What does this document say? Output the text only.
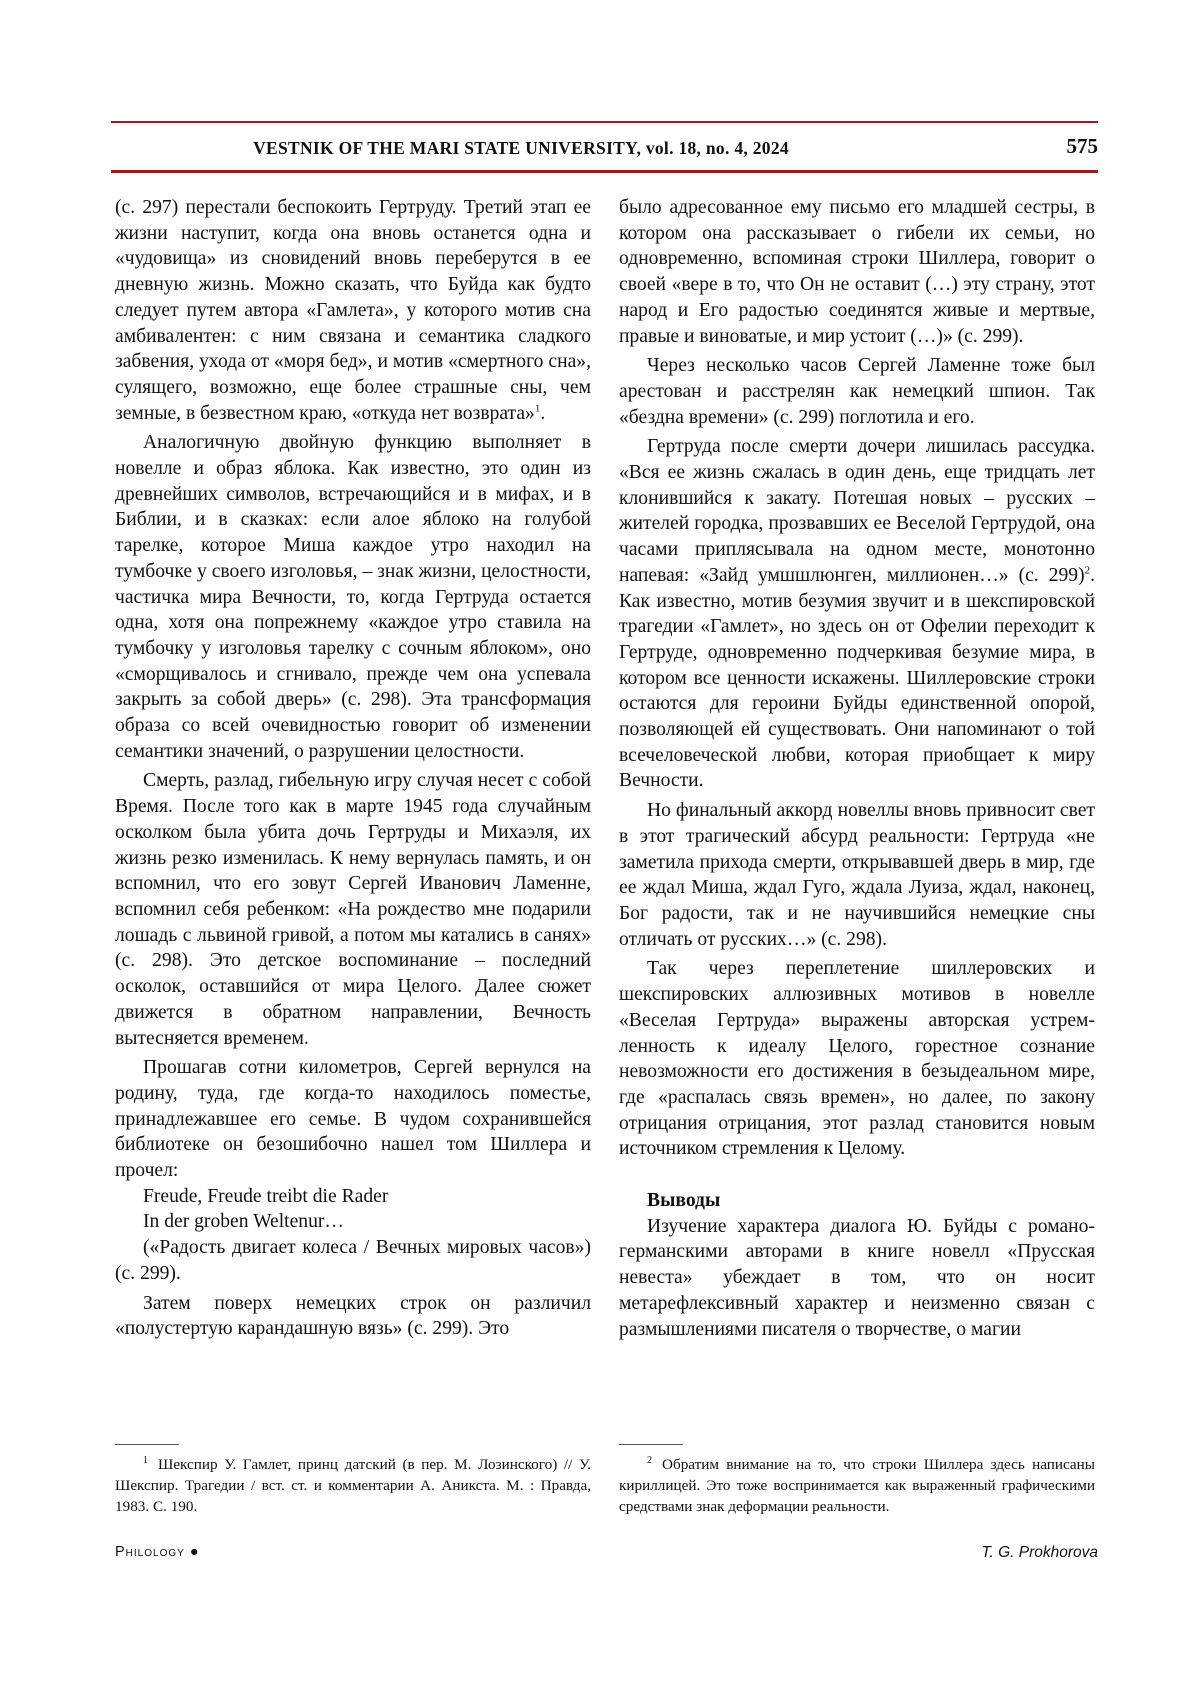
VESTNIK OF THE MARI STATE UNIVERSITY, vol. 18, no. 4, 2024	575

(с. 297) перестали беспокоить Гертруду. Третий этап ее жизни наступит, когда она вновь останется одна и «чудовища» из сновидений вновь переберутся в ее дневную жизнь. Можно сказать, что Буйда как будто следует путем автора «Гамлета», у которого мотив сна амбивалентен: с ним связана и семантика сладкого забвения, ухода от «моря бед», и мотив «смертного сна», сулящего, возможно, еще более страшные сны, чем земные, в безвестном краю, «откуда нет возврата»$^1$.

Аналогичную двойную функцию выполняет в новелле и образ яблока. Как известно, это один из древнейших символов, встречающийся и в мифах, и в Библии, и в сказках: если алое яблоко на голубой тарелке, которое Миша каждое утро находил на тумбочке у своего изголовья, – знак жизни, целостности, частичка мира Вечности, то, когда Гертруда остается одна, хотя она попрежнему «каждое утро ставила на тумбочку у изголовья тарелку с сочным яблоком», оно «сморщивалось и сгнивало, прежде чем она успевала закрыть за собой дверь» (с. 298). Эта трансформация образа со всей очевидностью говорит об изменении семантики значений, о разрушении целостности.

Смерть, разлад, гибельную игру случая несет с собой Время. После того как в марте 1945 года случайным осколком была убита дочь Гертруды и Михаэля, их жизнь резко изменилась. К нему вернулась память, и он вспомнил, что его зовут Сергей Иванович Ламенне, вспомнил себя ребенком: «На рождество мне подарили лошадь с львиной гривой, а потом мы катались в санях» (с. 298). Это детское воспоминание – последний осколок, оставшийся от мира Целого. Далее сюжет движется в обратном направлении, Вечность вытесняется временем.

Прошагав сотни километров, Сергей вернулся на родину, туда, где когда-то находилось поместье, принадлежавшее его семье. В чудом сохранившейся библиотеке он безошибочно нашел том Шиллера и прочел:

Freude, Freude treibt die Rader

In der groben Weltenur…

(«Радость двигает колеса / Вечных мировых часов») (с. 299).

Затем поверх немецких строк он различил «полустертую карандашную вязь» (с. 299). Это

было адресованное ему письмо его младшей сестры, в котором она рассказывает о гибели их семьи, но одновременно, вспоминая строки Шиллера, говорит о своей «вере в то, что Он не оставит (…) эту страну, этот народ и Его радостью соединятся живые и мертвые, правые и виноватые, и мир устоит (…)» (с. 299).

Через несколько часов Сергей Ламенне тоже был арестован и расстрелян как немецкий шпион. Так «бездна времени» (с. 299) поглотила и его.

Гертруда после смерти дочери лишилась рассудка. «Вся ее жизнь сжалась в один день, еще тридцать лет клонившийся к закату. Потешая новых – русских – жителей городка, прозвавших ее Веселой Гертрудой, она часами приплясывала на одном месте, монотонно напевая: «Зайд умшшлюнген, миллионен…» (с. 299)$^2$. Как известно, мотив безумия звучит и в шекспировской трагедии «Гамлет», но здесь он от Офелии переходит к Гертруде, одновременно подчеркивая безумие мира, в котором все ценности искажены. Шиллеровские строки остаются для героини Буйды единственной опорой, позволяющей ей существовать. Они напоминают о той всечеловеческой любви, которая приобщает к миру Вечности.

Но финальный аккорд новеллы вновь привносит свет в этот трагический абсурд реальности: Гертруда «не заметила прихода смерти, открывавшей дверь в мир, где ее ждал Миша, ждал Гуго, ждала Луиза, ждал, наконец, Бог радости, так и не научившийся немецкие сны отличать от русских…» (с. 298).

Так через переплетение шиллеровских и шекспировских аллюзивных мотивов в новелле «Веселая Гертруда» выражены авторская устремленность к идеалу Целого, горестное сознание невозможности его достижения в безыдеальном мире, где «распалась связь времен», но далее, по закону отрицания отрицания, этот разлад становится новым источником стремления к Целому.

Выводы

Изучение характера диалога Ю. Буйды с романо-германскими авторами в книге новелл «Прусская невеста» убеждает в том, что он носит метарефлексивный характер и неизменно связан с размышлениями писателя о творчестве, о магии

1 Шекспир У. Гамлет, принц датский (в пер. М. Лозинского) // У. Шекспир. Трагедии / вст. ст. и комментарии А. Аникста. М. : Правда, 1983. С. 190.
2 Обратим внимание на то, что строки Шиллера здесь написаны кириллицей. Это тоже воспринимается как выраженный графическими средствами знак деформации реальности.
Philology ●	T. G. Prokhorova
